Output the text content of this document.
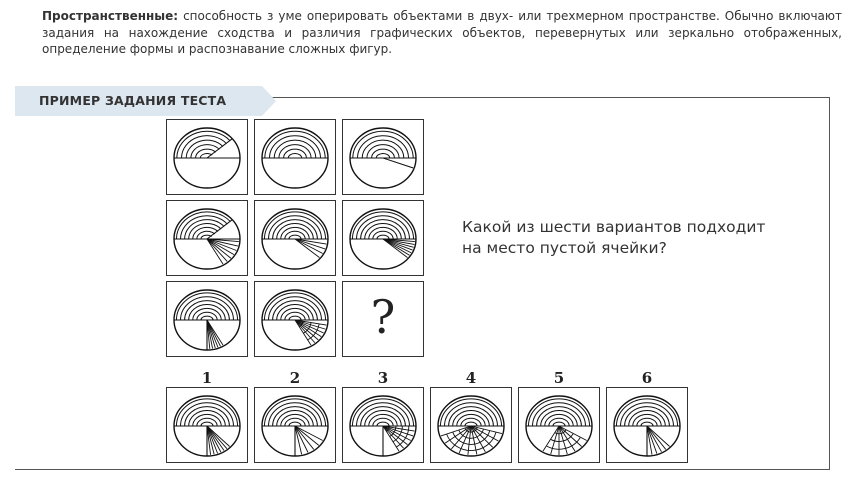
Пространственные: способность з уме оперировать объектами в двух- или трехмерном пространстве. Обычно включают задания на нахождение сходства и различия графических объектов, перевернутых или зеркально отображенных, определение формы и распознавание сложных фигур.
ПРИМЕР ЗАДАНИЯ ТЕСТА
?
Какой из шести вариантов подходит
на место пустой ячейки?
1	2	3	4	5	6
